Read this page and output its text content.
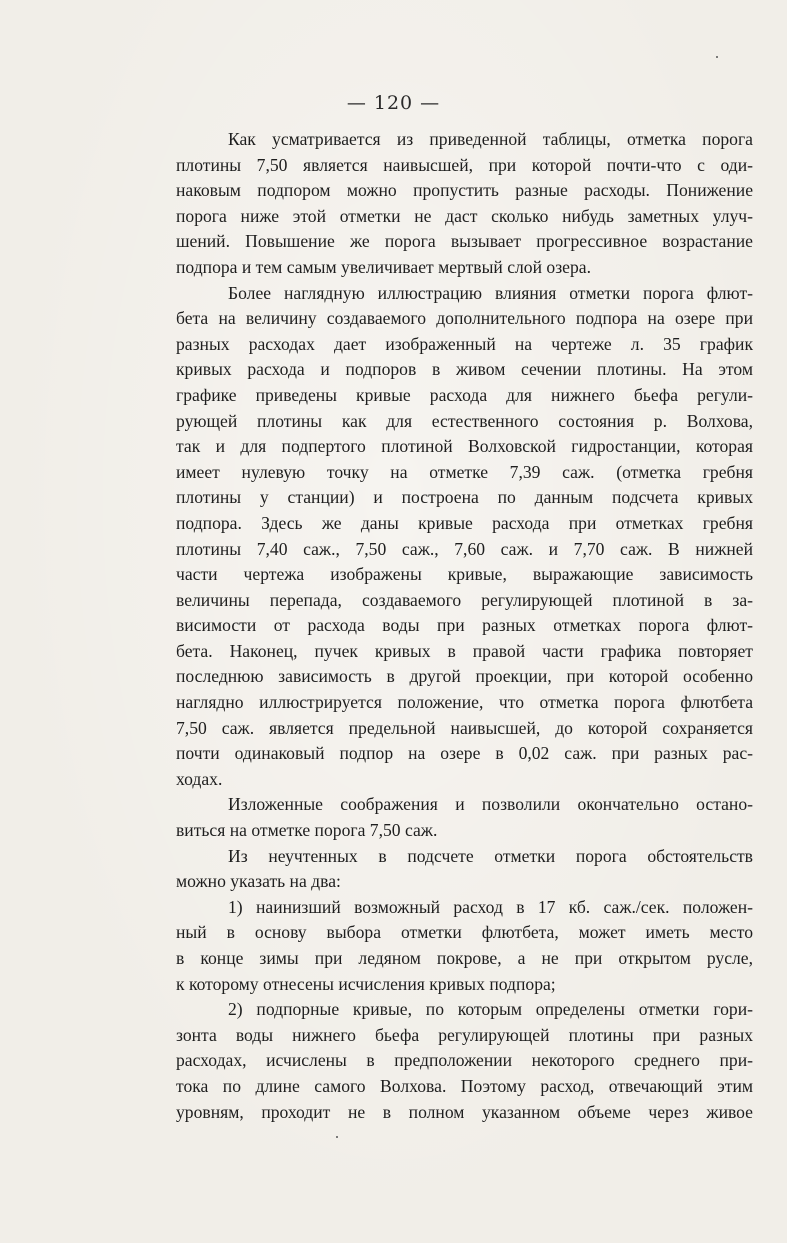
— 120 —
Как усматривается из приведенной таблицы, отметка порога
плотины 7,50 является наивысшей, при которой почти-что с оди-
наковым подпором можно пропустить разные расходы. Понижение
порога ниже этой отметки не даст сколько нибудь заметных улуч-
шений. Повышение же порога вызывает прогрессивное возрастание
подпора и тем самым увеличивает мертвый слой озера.
Более наглядную иллюстрацию влияния отметки порога флют-
бета на величину создаваемого дополнительного подпора на озере при
разных расходах дает изображенный на чертеже л. 35 график
кривых расхода и подпоров в живом сечении плотины. На этом
графике приведены кривые расхода для нижнего бьефа регули-
рующей плотины как для естественного состояния р. Волхова,
так и для подпертого плотиной Волховской гидростанции, которая
имеет нулевую точку на отметке 7,39 саж. (отметка гребня
плотины у станции) и построена по данным подсчета кривых
подпора. Здесь же даны кривые расхода при отметках гребня
плотины 7,40 саж., 7,50 саж., 7,60 саж. и 7,70 саж. В нижней
части чертежа изображены кривые, выражающие зависимость
величины перепада, создаваемого регулирующей плотиной в за-
висимости от расхода воды при разных отметках порога флют-
бета. Наконец, пучек кривых в правой части графика повторяет
последнюю зависимость в другой проекции, при которой особенно
наглядно иллюстрируется положение, что отметка порога флютбета
7,50 саж. является предельной наивысшей, до которой сохраняется
почти одинаковый подпор на озере в 0,02 саж. при разных рас-
ходах.
Изложенные соображения и позволили окончательно остано-
виться на отметке порога 7,50 саж.
Из неучтенных в подсчете отметки порога обстоятельств
можно указать на два:
1) наинизший возможный расход в 17 кб. саж./сек. положен-
ный в основу выбора отметки флютбета, может иметь место
в конце зимы при ледяном покрове, а не при открытом русле,
к которому отнесены исчисления кривых подпора;
2) подпорные кривые, по которым определены отметки гори-
зонта воды нижнего бьефа регулирующей плотины при разных
расходах, исчислены в предположении некоторого среднего при-
тока по длине самого Волхова. Поэтому расход, отвечающий этим
уровням, проходит не в полном указанном объеме через живое
